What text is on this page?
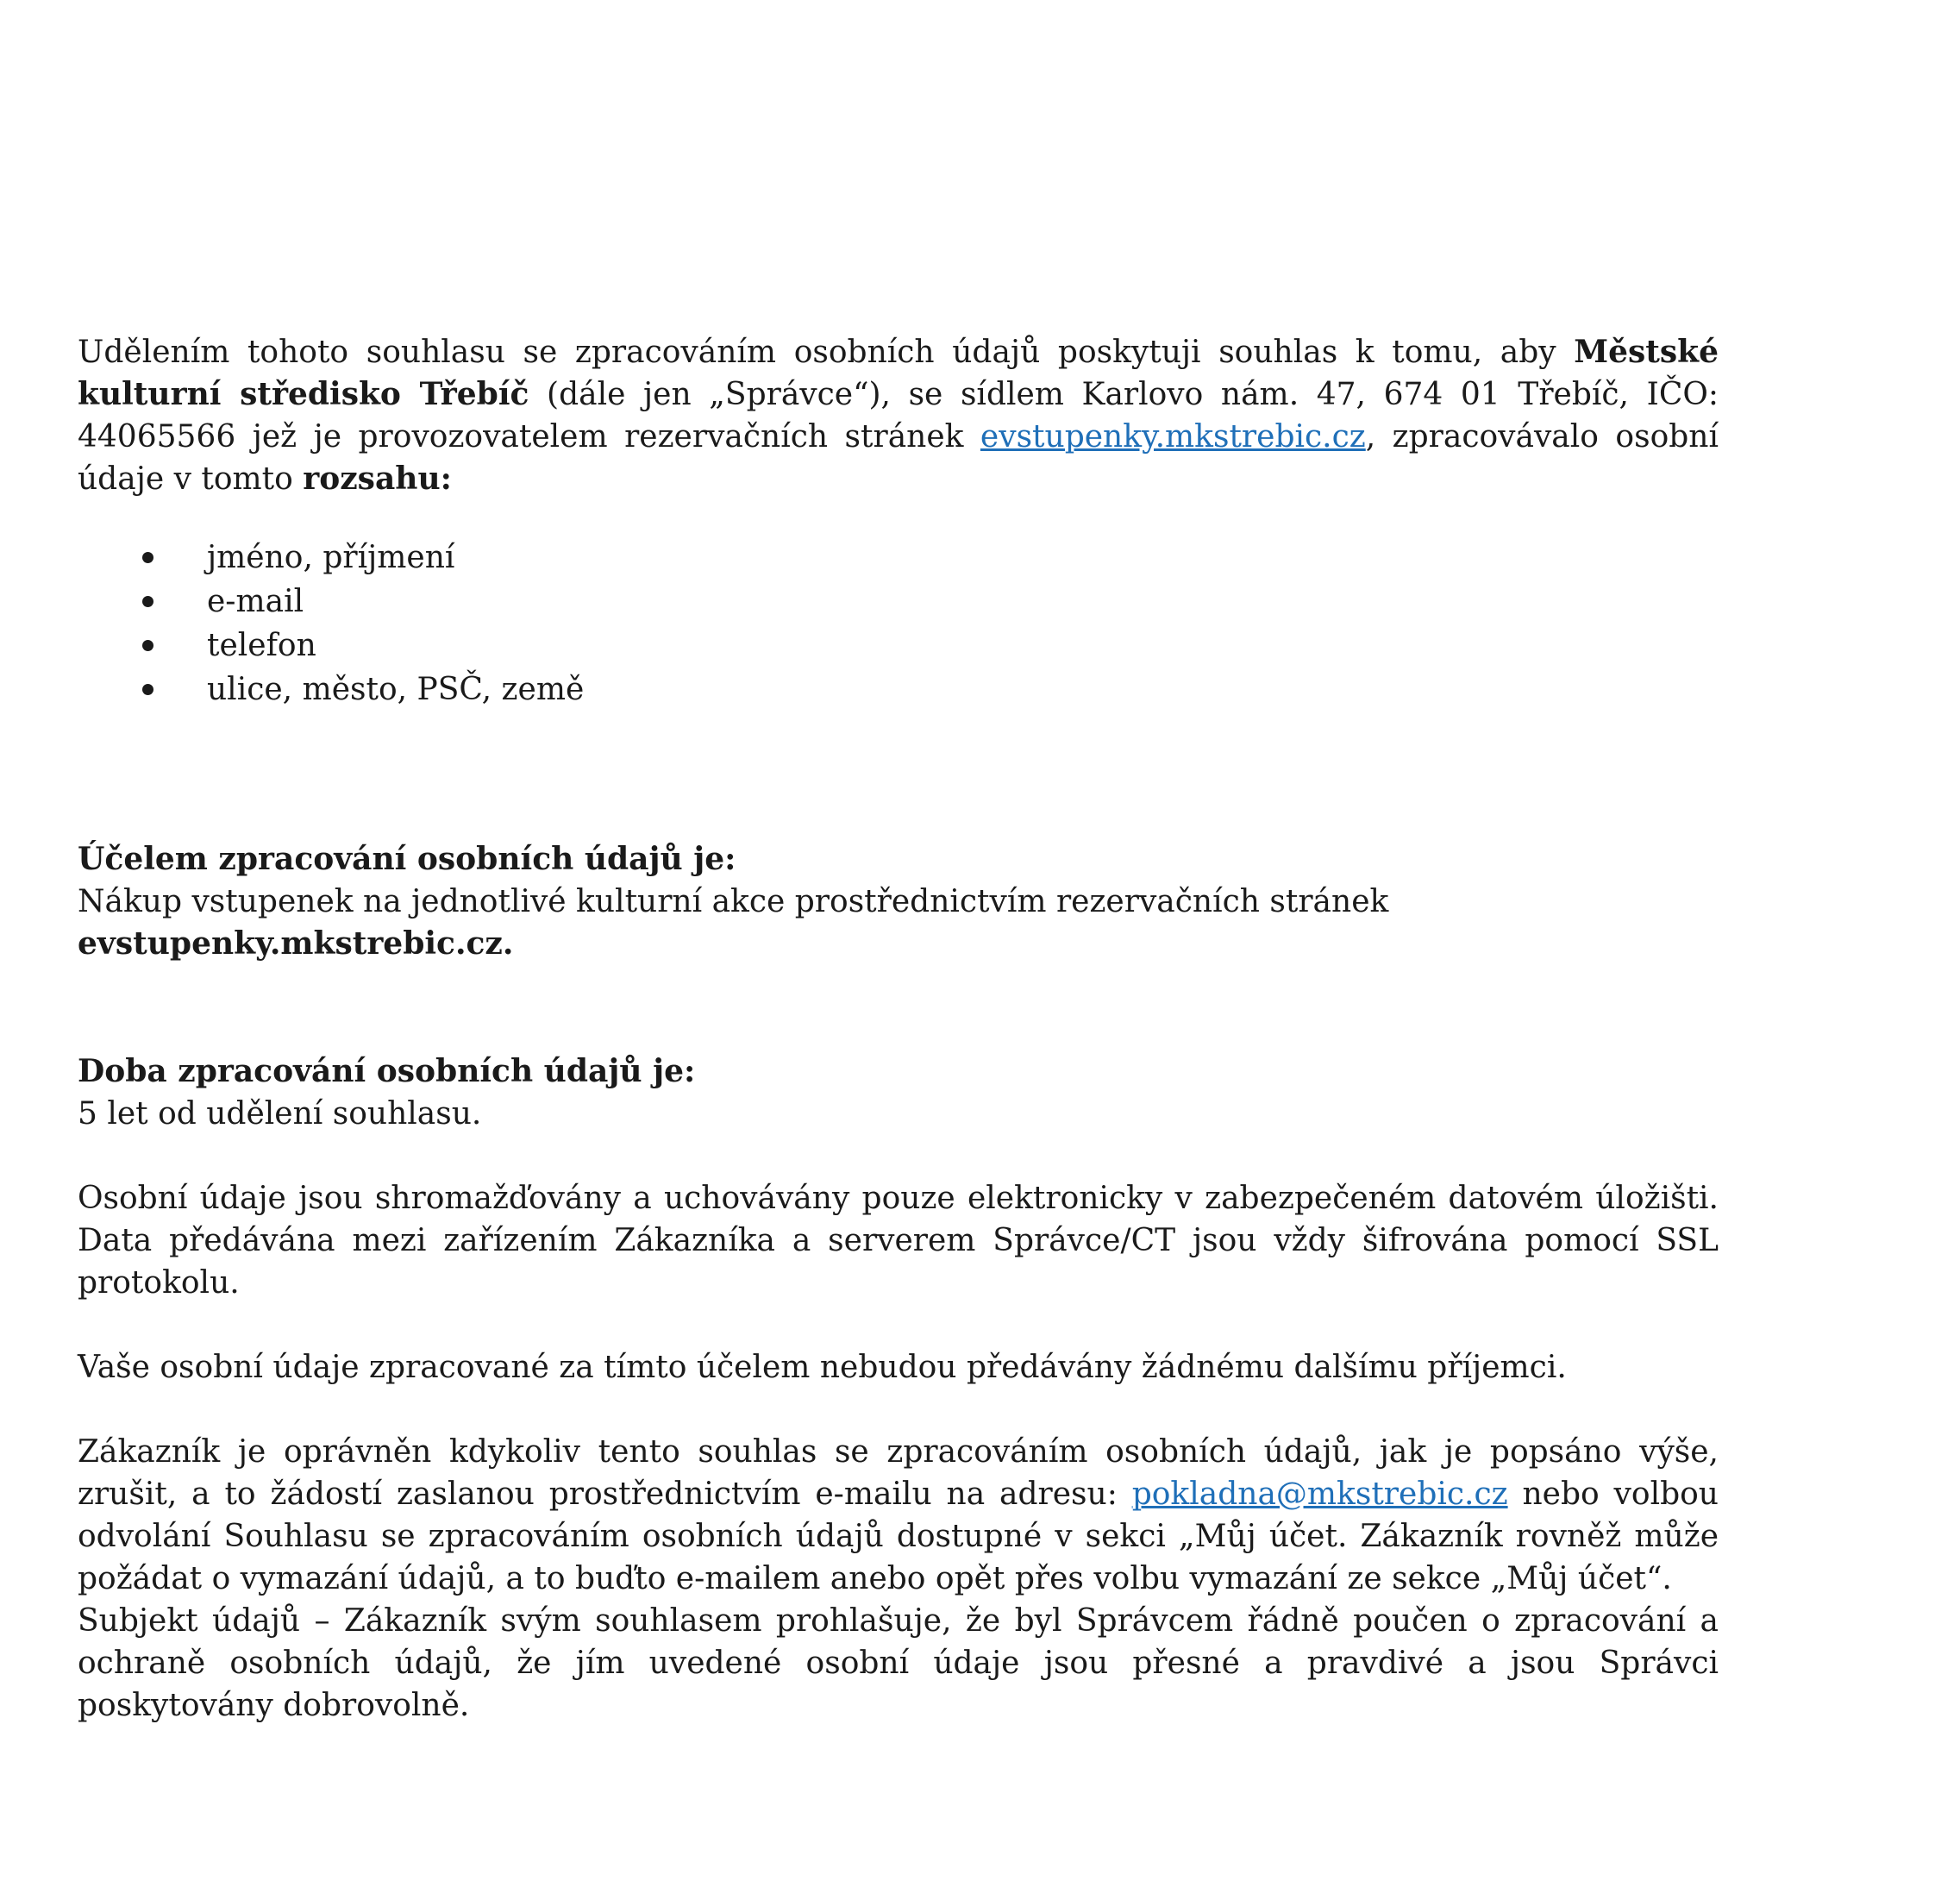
Udělením tohoto souhlasu se zpracováním osobních údajů poskytuji souhlas k tomu, aby Městské kulturní středisko Třebíč (dále jen „Správce“), se sídlem Karlovo nám. 47, 674 01 Třebíč, IČO: 44065566 jež je provozovatelem rezervačních stránek evstupenky.mkstrebic.cz, zpracovávalo osobní údaje v tomto rozsahu:

jméno, příjmení
e-mail
telefon
ulice, město, PSČ, země
Účelem zpracování osobních údajů je:
Nákup vstupenek na jednotlivé kulturní akce prostřednictvím rezervačních stránek
evstupenky.mkstrebic.cz.
Doba zpracování osobních údajů je:
5 let od udělení souhlasu.

Osobní údaje jsou shromažďovány a uchovávány pouze elektronicky v zabezpečeném datovém úložišti. Data předávána mezi zařízením Zákazníka a serverem Správce/CT jsou vždy šifrována pomocí SSL protokolu.

Vaše osobní údaje zpracované za tímto účelem nebudou předávány žádnému dalšímu příjemci.

Zákazník je oprávněn kdykoliv tento souhlas se zpracováním osobních údajů, jak je popsáno výše, zrušit, a to žádostí zaslanou prostřednictvím e-mailu na adresu: pokladna@mkstrebic.cz nebo volbou odvolání Souhlasu se zpracováním osobních údajů dostupné v sekci „Můj účet. Zákazník rovněž může požádat o vymazání údajů, a to buďto e-mailem anebo opět přes volbu vymazání ze sekce „Můj účet“.

Subjekt údajů – Zákazník svým souhlasem prohlašuje, že byl Správcem řádně poučen o zpracování a ochraně osobních údajů, že jím uvedené osobní údaje jsou přesné a pravdivé a jsou Správci poskytovány dobrovolně.
